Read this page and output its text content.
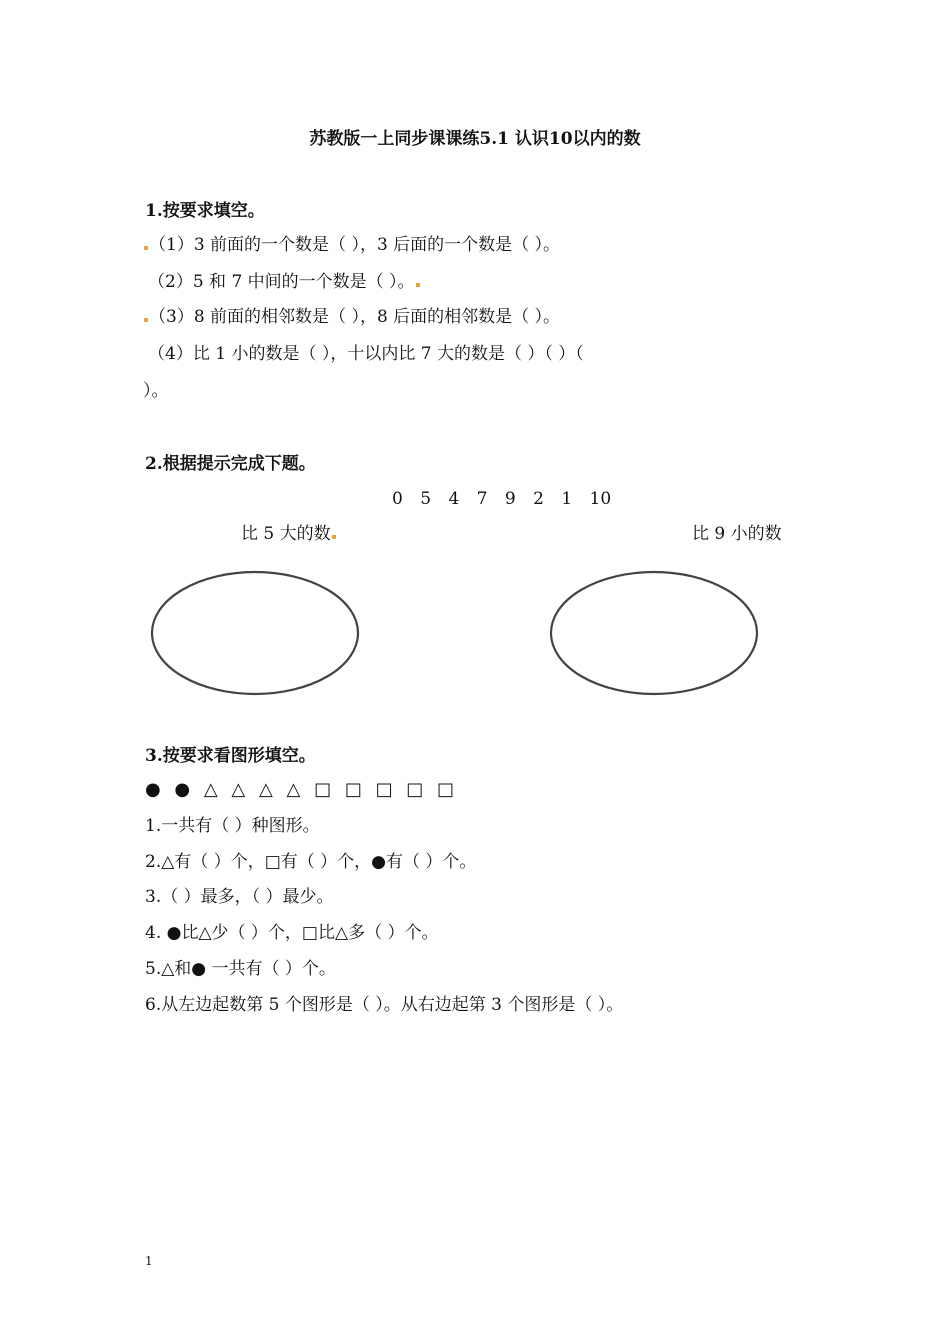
苏教版一上同步课课练5.1 认识10以内的数
1.按要求填空。
（1）3 前面的一个数是（ ），3 后面的一个数是（ ）。
（2）5 和 7 中间的一个数是（ ）。
（3）8 前面的相邻数是（ ），8 后面的相邻数是（ ）。
（4）比 1 小的数是（ ），十以内比 7 大的数是（ ）（ ）（
）。
2.根据提示完成下题。
0 5 4 7 9 2 1 10
比 5 大的数	比 9 小的数
3.按要求看图形填空。
● ● △ △ △ △ □ □ □ □ □
1.一共有（ ）种图形。
2.△有（ ）个，□有（ ）个，●有（ ）个。
3.（ ）最多，（ ）最少。
4. ●比△少（ ）个，□比△多（ ）个。
5.△和● 一共有（ ）个。
6.从左边起数第 5 个图形是（ ）。从右边起第 3 个图形是（ ）。
1
